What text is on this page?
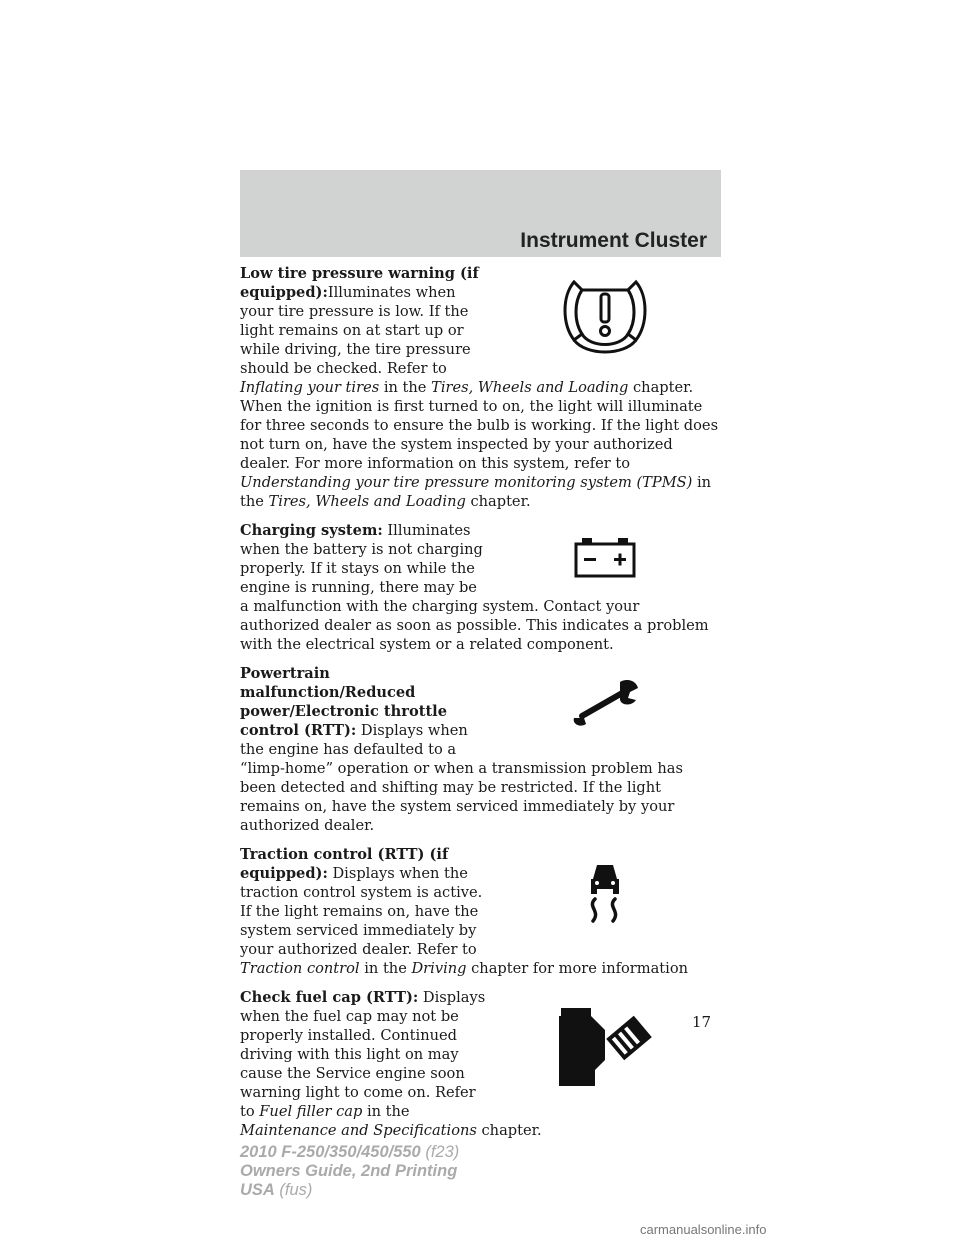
Instrument Cluster

Low tire pressure warning (if equipped):Illuminates when your tire pressure is low. If the light remains on at start up or while driving, the tire pressure should be checked. Refer to Inflating your tires in the Tires, Wheels and Loading chapter. When the ignition is first turned to on, the light will illuminate for three seconds to ensure the bulb is working. If the light does not turn on, have the system inspected by your authorized dealer. For more information on this system, refer to Understanding your tire pressure monitoring system (TPMS) in the Tires, Wheels and Loading chapter.

Charging system: Illuminates when the battery is not charging properly. If it stays on while the engine is running, there may be a malfunction with the charging system. Contact your authorized dealer as soon as possible. This indicates a problem with the electrical system or a related component.

Powertrain malfunction/Reduced power/Electronic throttle control (RTT): Displays when the engine has defaulted to a “limp-home” operation or when a transmission problem has been detected and shifting may be restricted. If the light remains on, have the system serviced immediately by your authorized dealer.

Traction control (RTT) (if equipped): Displays when the traction control system is active. If the light remains on, have the system serviced immediately by your authorized dealer. Refer to Traction control in the Driving chapter for more information

Check fuel cap (RTT): Displays when the fuel cap may not be properly installed. Continued driving with this light on may cause the Service engine soon warning light to come on. Refer to Fuel filler cap in the Maintenance and Specifications chapter.

17
2010 F-250/350/450/550 (f23)
Owners Guide, 2nd Printing
USA (fus)
carmanualsonline.info
